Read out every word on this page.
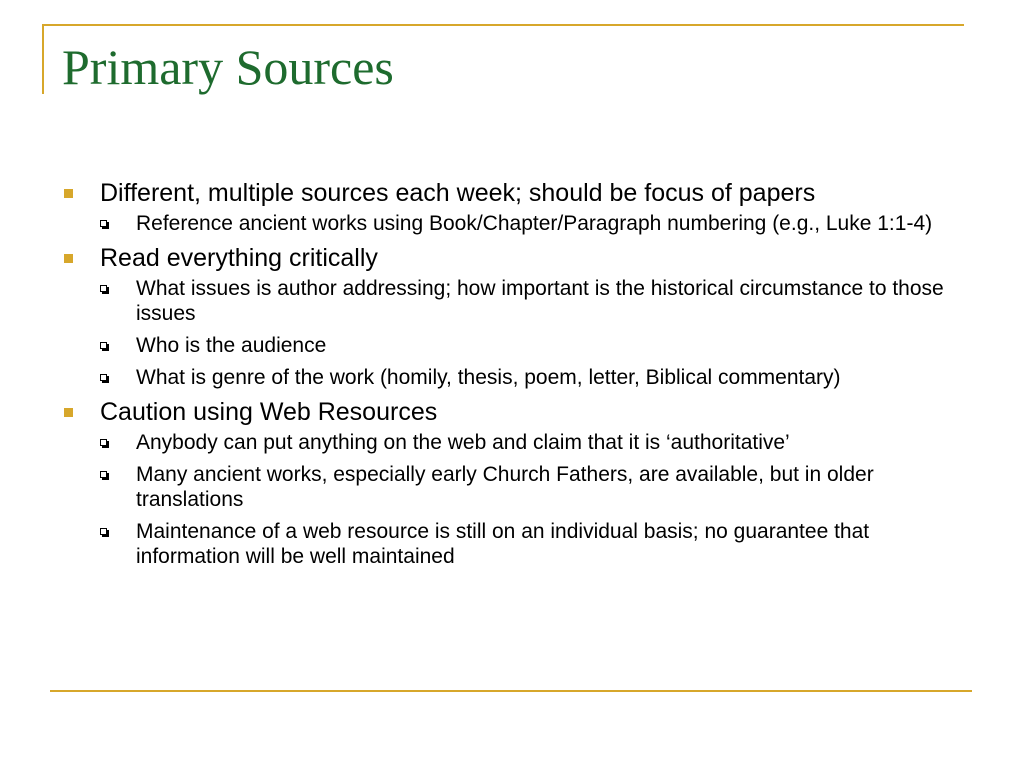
Primary Sources
Different, multiple sources each week; should be focus of papers
Reference ancient works using Book/Chapter/Paragraph numbering (e.g., Luke 1:1-4)
Read everything critically
What issues is author addressing; how important is the historical circumstance to those issues
Who is the audience
What is genre of the work (homily, thesis, poem, letter, Biblical commentary)
Caution using Web Resources
Anybody can put anything on the web and claim that it is ‘authoritative’
Many ancient works, especially early Church Fathers, are available, but in older translations
Maintenance of a web resource is still on an individual basis; no guarantee that information will be well maintained
